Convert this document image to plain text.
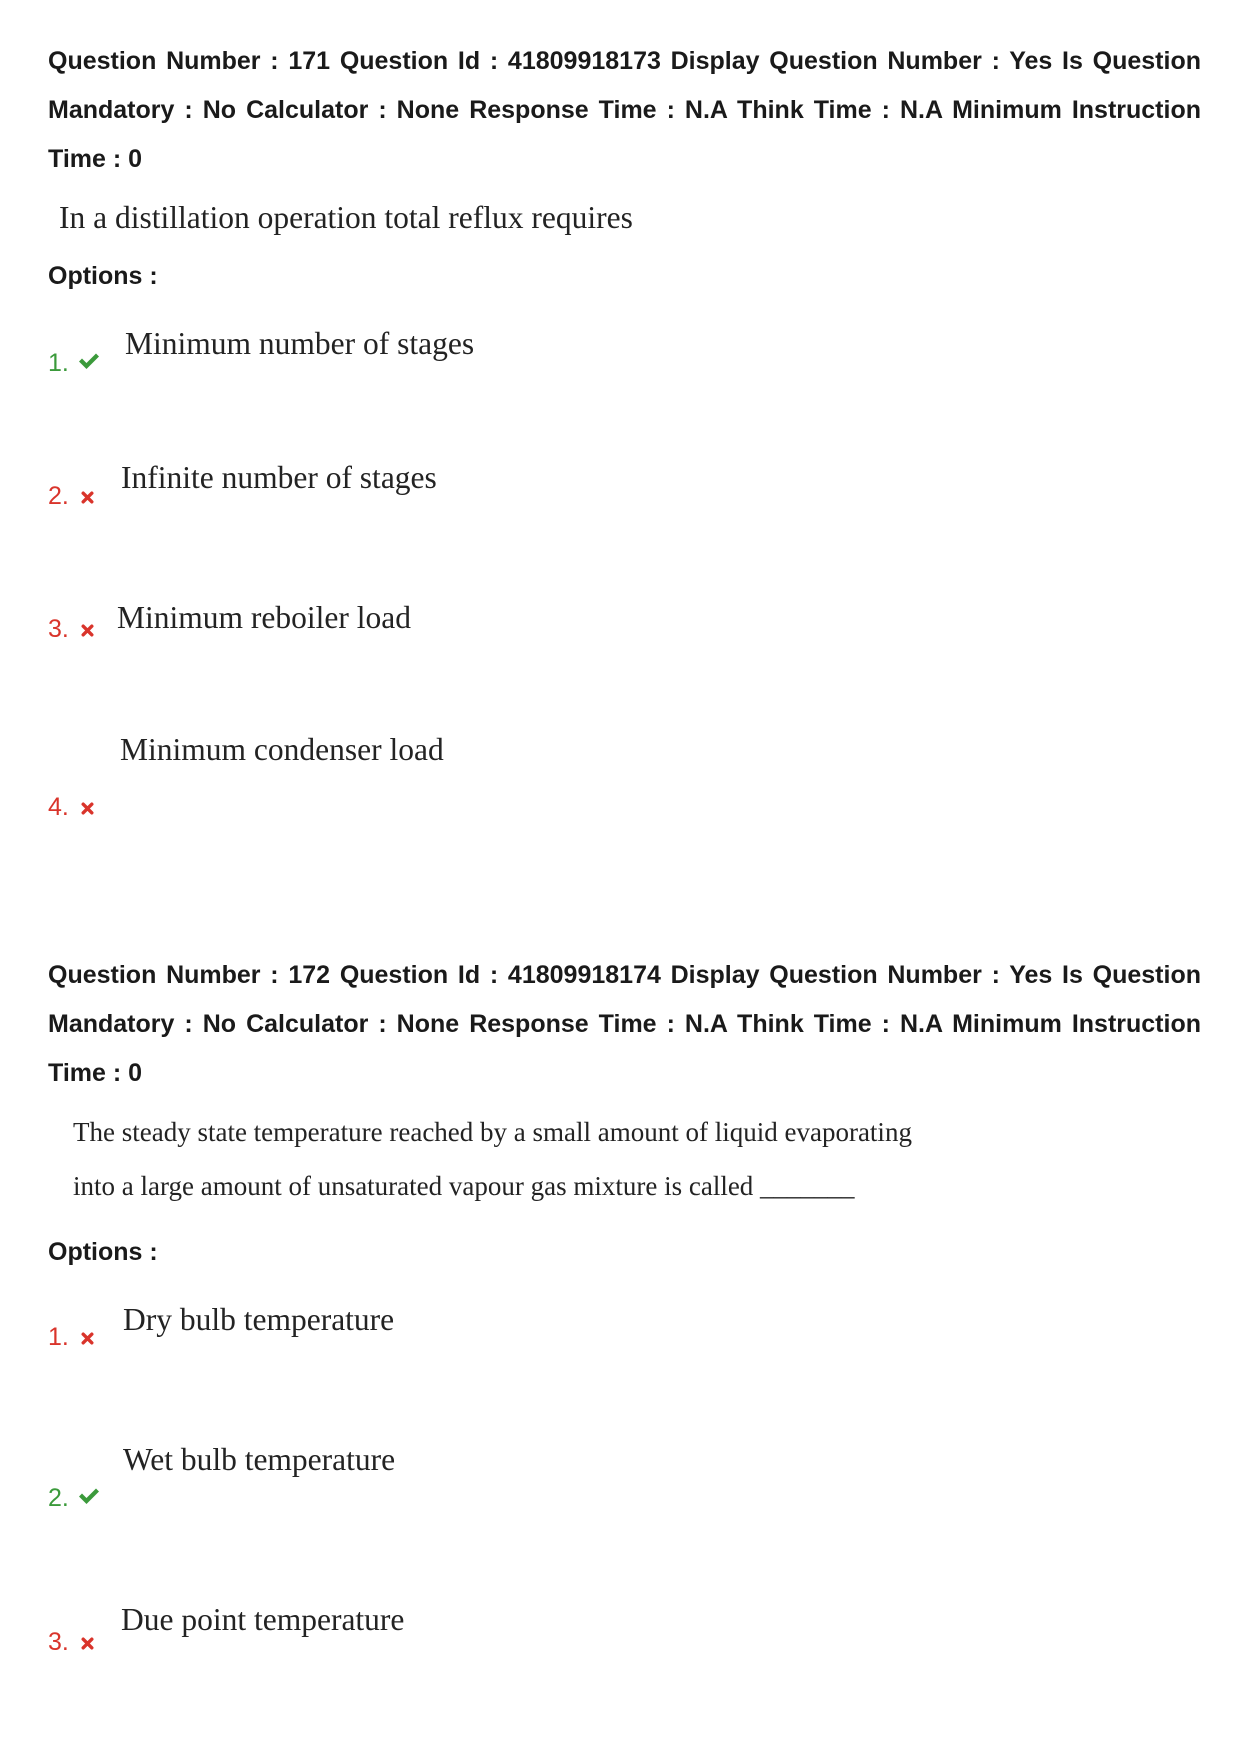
Question Number : 171 Question Id : 41809918173 Display Question Number : Yes Is Question
Mandatory : No Calculator : None Response Time : N.A Think Time : N.A Minimum Instruction
Time : 0
In a distillation operation total reflux requires
Options :
1.
Minimum number of stages
2.
Infinite number of stages
3. Minimum reboiler load
4.
Minimum condenser load
Question Number : 172 Question Id : 41809918174 Display Question Number : Yes Is Question
Mandatory : No Calculator : None Response Time : N.A Think Time : N.A Minimum Instruction
Time : 0
The steady state temperature reached by a small amount of liquid evaporating
into a large amount of unsaturated vapour gas mixture is called _______
Options :
1. Dry bulb temperature
2.
Wet bulb temperature
3.
Due point temperature
